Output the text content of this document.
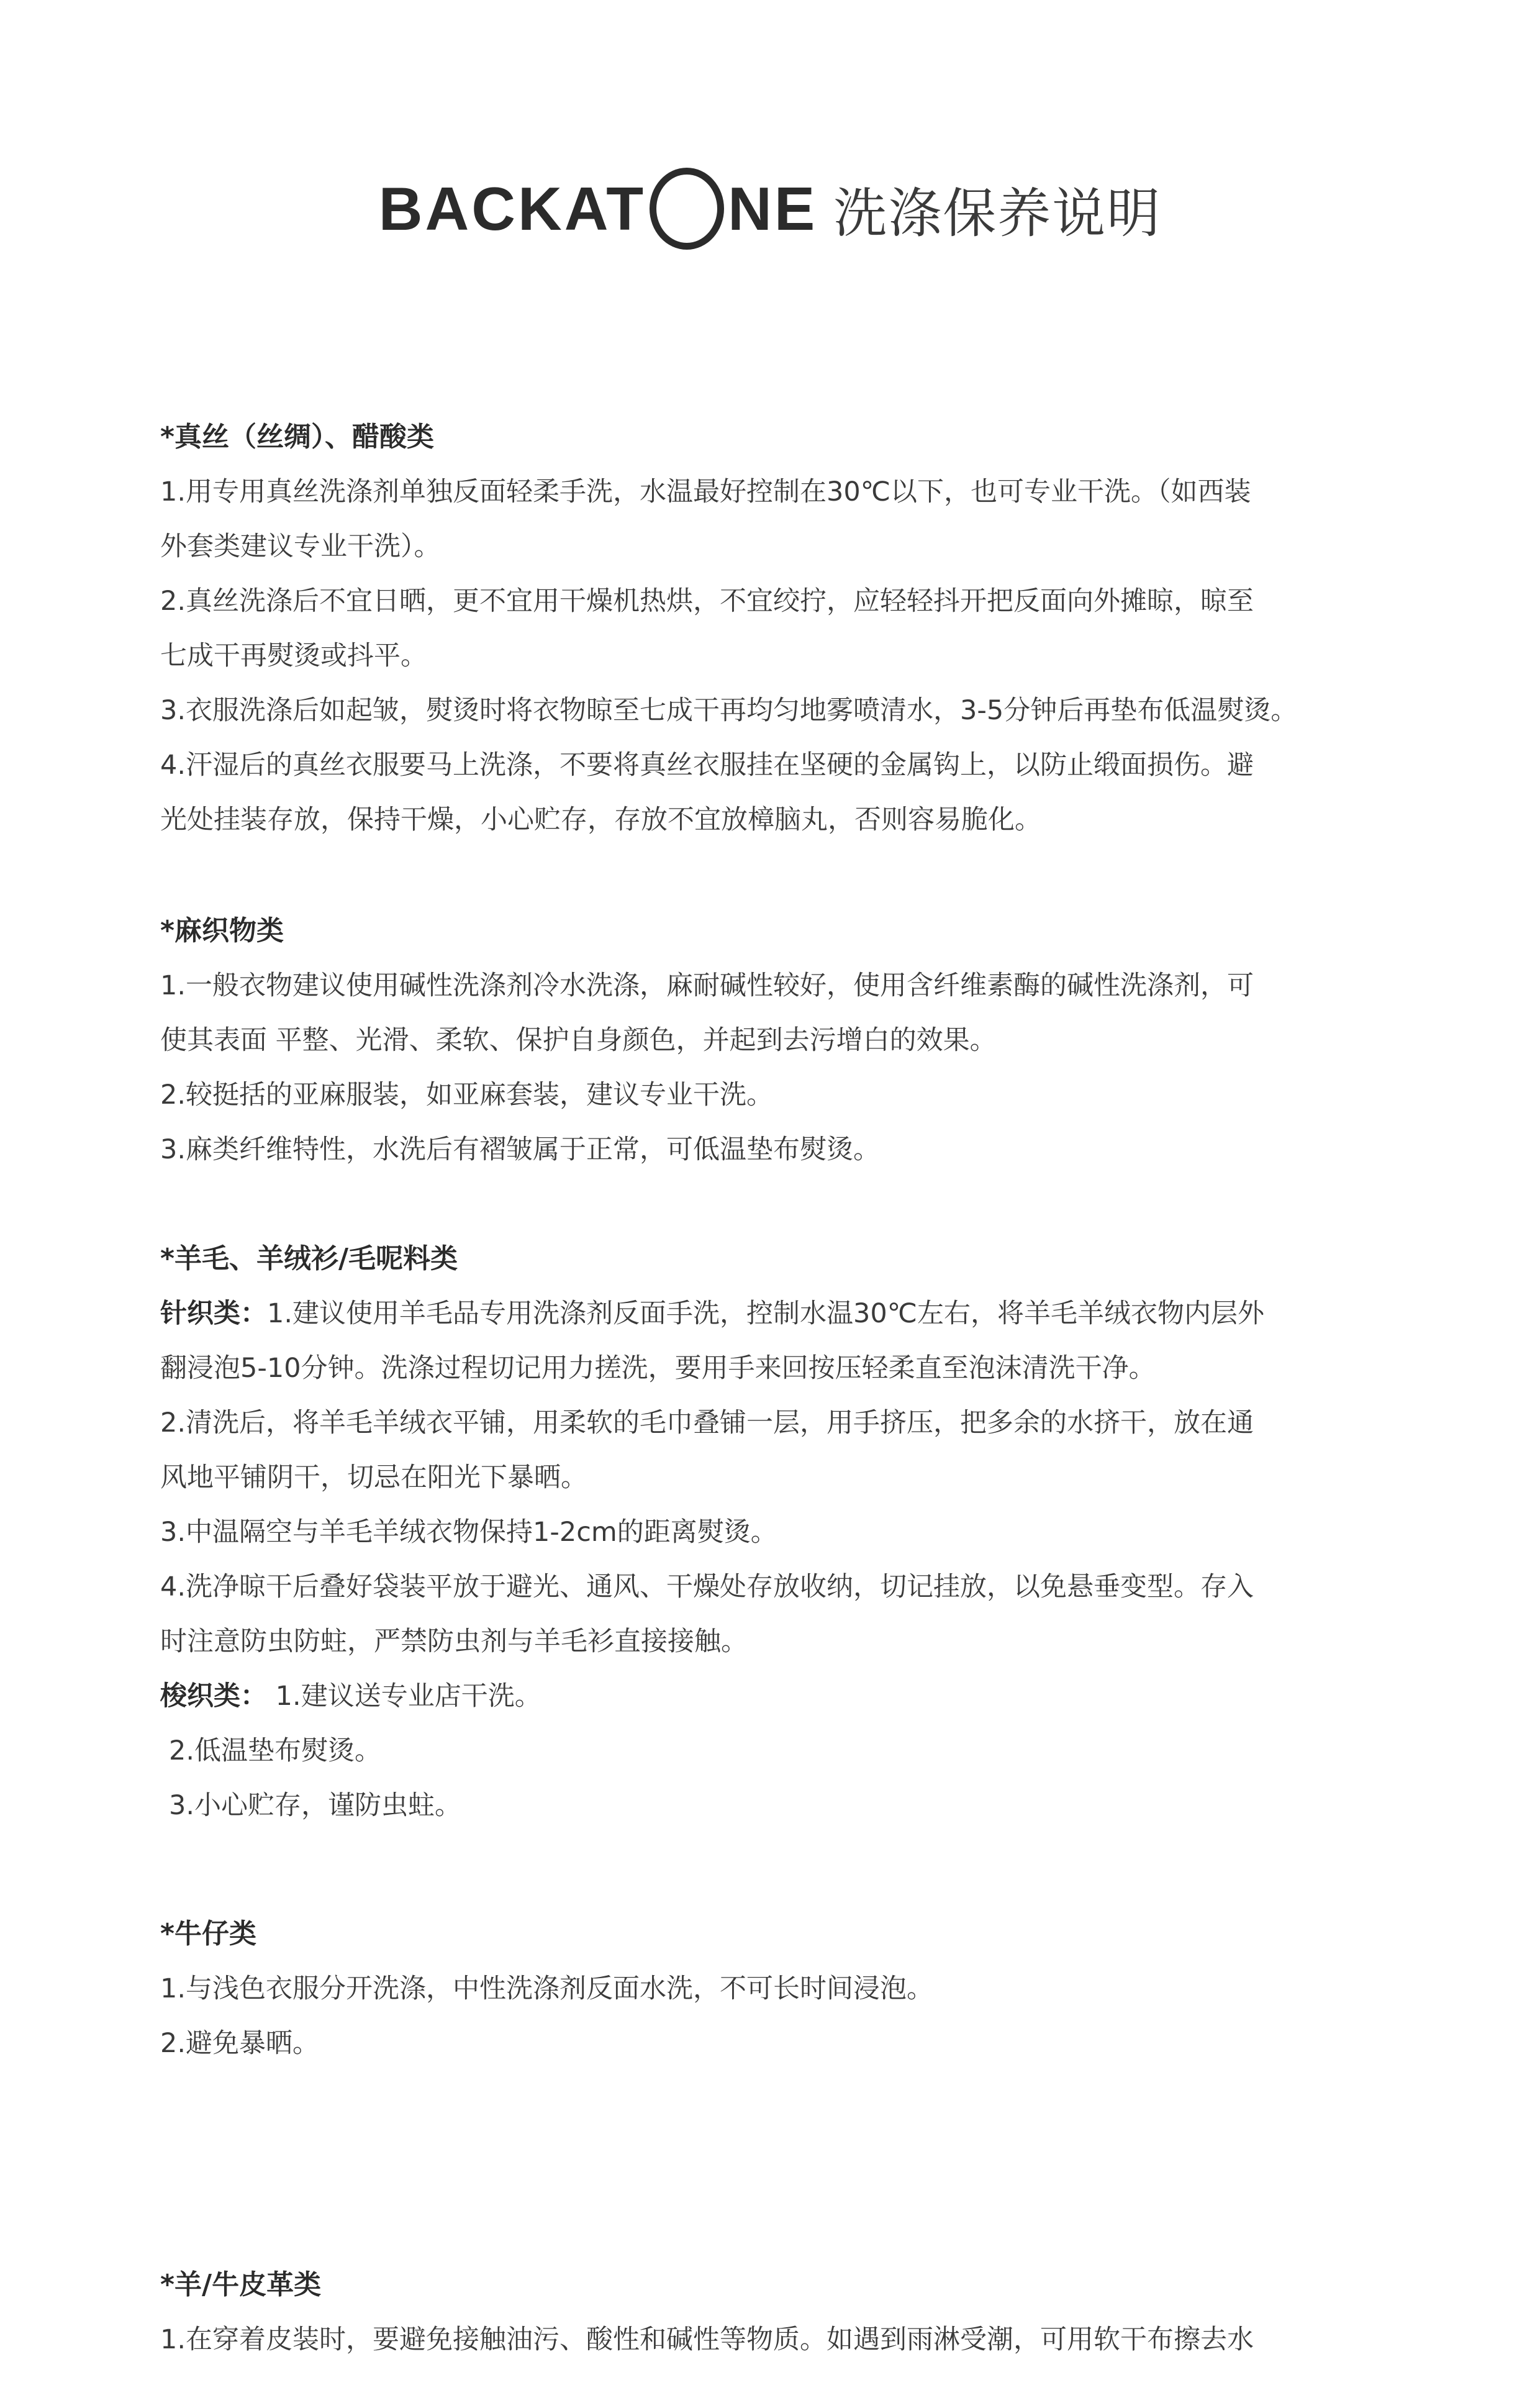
BACKAT NE 洗涤保养说明
*真丝（丝绸）、醋酸类
1.用专用真丝洗涤剂单独反面轻柔手洗，水温最好控制在30℃以下，也可专业干洗。（如西装
外套类建议专业干洗）。
2.真丝洗涤后不宜日晒，更不宜用干燥机热烘，不宜绞拧，应轻轻抖开把反面向外摊晾，晾至
七成干再熨烫或抖平。
3.衣服洗涤后如起皱，熨烫时将衣物晾至七成干再均匀地雾喷清水，3-5分钟后再垫布低温熨烫。
4.汗湿后的真丝衣服要马上洗涤，不要将真丝衣服挂在坚硬的金属钩上，以防止缎面损伤。避
光处挂装存放，保持干燥，小心贮存，存放不宜放樟脑丸，否则容易脆化。
*麻织物类
1.一般衣物建议使用碱性洗涤剂冷水洗涤，麻耐碱性较好，使用含纤维素酶的碱性洗涤剂，可
使其表面 平整、光滑、柔软、保护自身颜色，并起到去污增白的效果。
2.较挺括的亚麻服装，如亚麻套装，建议专业干洗。
3.麻类纤维特性，水洗后有褶皱属于正常，可低温垫布熨烫。
*羊毛、羊绒衫/毛呢料类
针织类：1.建议使用羊毛品专用洗涤剂反面手洗，控制水温30℃左右，将羊毛羊绒衣物内层外
翻浸泡5-10分钟。洗涤过程切记用力搓洗，要用手来回按压轻柔直至泡沫清洗干净。
2.清洗后，将羊毛羊绒衣平铺，用柔软的毛巾叠铺一层，用手挤压，把多余的水挤干，放在通
风地平铺阴干，切忌在阳光下暴晒。
3.中温隔空与羊毛羊绒衣物保持1-2cm的距离熨烫。
4.洗净晾干后叠好袋装平放于避光、通风、干燥处存放收纳，切记挂放，以免悬垂变型。存入
时注意防虫防蛀，严禁防虫剂与羊毛衫直接接触。
梭织类： 1.建议送专业店干洗。
2.低温垫布熨烫。
3.小心贮存，谨防虫蛀。
*牛仔类
1.与浅色衣服分开洗涤，中性洗涤剂反面水洗，不可长时间浸泡。
2.避免暴晒。
*羊/牛皮革类
1.在穿着皮装时，要避免接触油污、酸性和碱性等物质。如遇到雨淋受潮，可用软干布擦去水
